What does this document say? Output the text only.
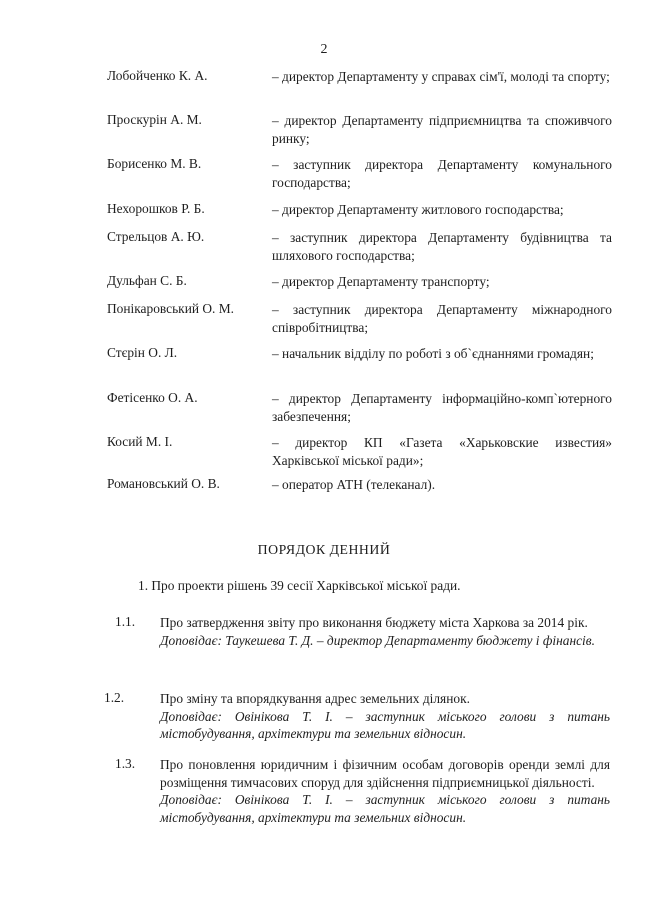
2
Лобойченко К. А.	– директор Департаменту у справах сім'ї, молоді та спорту;
Проскурін А. М.	– директор Департаменту підприємництва та споживчого ринку;
Борисенко М. В.	– заступник директора Департаменту комунального господарства;
Нехорошков Р. Б.	– директор Департаменту житлового господарства;
Стрельцов А. Ю.	– заступник директора Департаменту будівництва та шляхового господарства;
Дульфан С. Б.	– директор Департаменту транспорту;
Понікаровський О. М.	– заступник директора Департаменту міжнародного співробітництва;
Стєрін О. Л.	– начальник відділу по роботі з об`єднаннями громадян;
Фетісенко О. А.	– директор Департаменту інформаційно-комп`ютерного забезпечення;
Косий М. І.	– директор КП «Газета «Харьковские известия» Харківської міської ради»;
Романовський О. В.	– оператор АТН (телеканал).
ПОРЯДОК ДЕННИЙ
1. Про проекти рішень 39 сесії Харківської міської ради.
1.1. Про затвердження звіту про виконання бюджету міста Харкова за 2014 рік.
Доповідає: Таукешева Т. Д. – директор Департаменту бюджету і фінансів.
1.2.	Про зміну та впорядкування адрес земельних ділянок.
Доповідає: Овінікова Т. І. – заступник міського голови з питань містобудування, архітектури та земельних відносин.
1.3. Про поновлення юридичним і фізичним особам договорів оренди землі для розміщення тимчасових споруд для здійснення підприємницької діяльності.
Доповідає: Овінікова Т. І. – заступник міського голови з питань містобудування, архітектури та земельних відносин.
